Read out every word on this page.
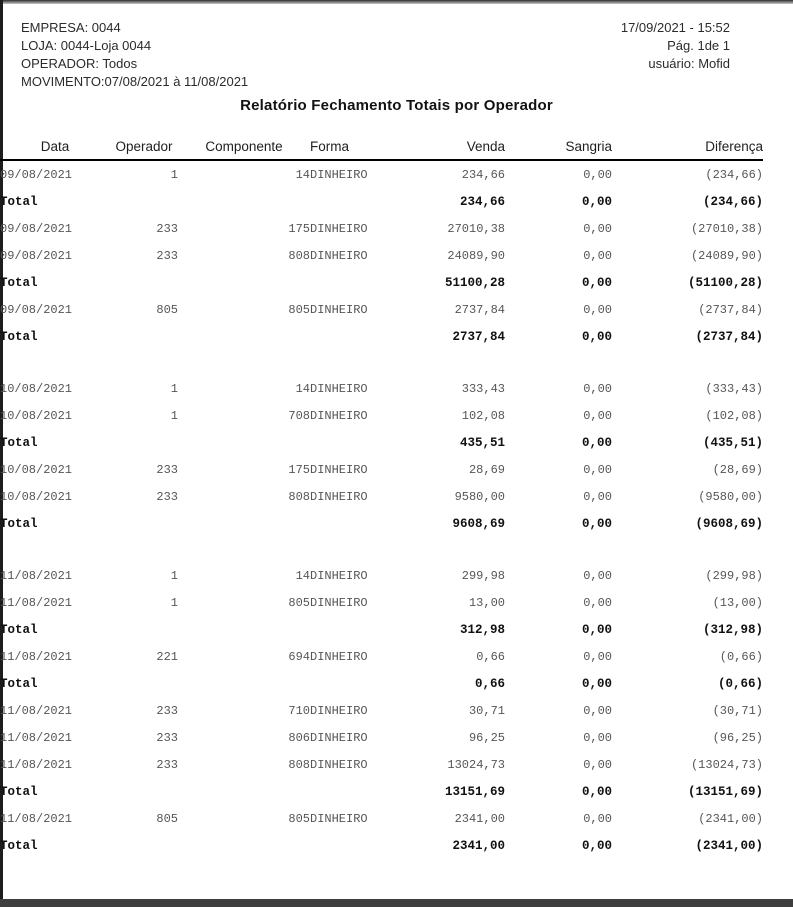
EMPRESA: 0044
LOJA: 0044-Loja 0044
OPERADOR: Todos
MOVIMENTO:07/08/2021 à 11/08/2021
17/09/2021 - 15:52
Pág. 1de 1
usuário: Mofid
Relatório Fechamento Totais por Operador
Data	Operador	Componente	Forma	Venda	Sangria	Diferença
09/08/2021	1	14	DINHEIRO	234,66	0,00	(234,66)
Total				234,66	0,00	(234,66)
09/08/2021	233	175	DINHEIRO	27010,38	0,00	(27010,38)
09/08/2021	233	808	DINHEIRO	24089,90	0,00	(24089,90)
Total				51100,28	0,00	(51100,28)
09/08/2021	805	805	DINHEIRO	2737,84	0,00	(2737,84)
Total				2737,84	0,00	(2737,84)

10/08/2021	1	14	DINHEIRO	333,43	0,00	(333,43)
10/08/2021	1	708	DINHEIRO	102,08	0,00	(102,08)
Total				435,51	0,00	(435,51)
10/08/2021	233	175	DINHEIRO	28,69	0,00	(28,69)
10/08/2021	233	808	DINHEIRO	9580,00	0,00	(9580,00)
Total				9608,69	0,00	(9608,69)

11/08/2021	1	14	DINHEIRO	299,98	0,00	(299,98)
11/08/2021	1	805	DINHEIRO	13,00	0,00	(13,00)
Total				312,98	0,00	(312,98)
11/08/2021	221	694	DINHEIRO	0,66	0,00	(0,66)
Total				0,66	0,00	(0,66)
11/08/2021	233	710	DINHEIRO	30,71	0,00	(30,71)
11/08/2021	233	806	DINHEIRO	96,25	0,00	(96,25)
11/08/2021	233	808	DINHEIRO	13024,73	0,00	(13024,73)
Total				13151,69	0,00	(13151,69)
11/08/2021	805	805	DINHEIRO	2341,00	0,00	(2341,00)
Total				2341,00	0,00	(2341,00)
